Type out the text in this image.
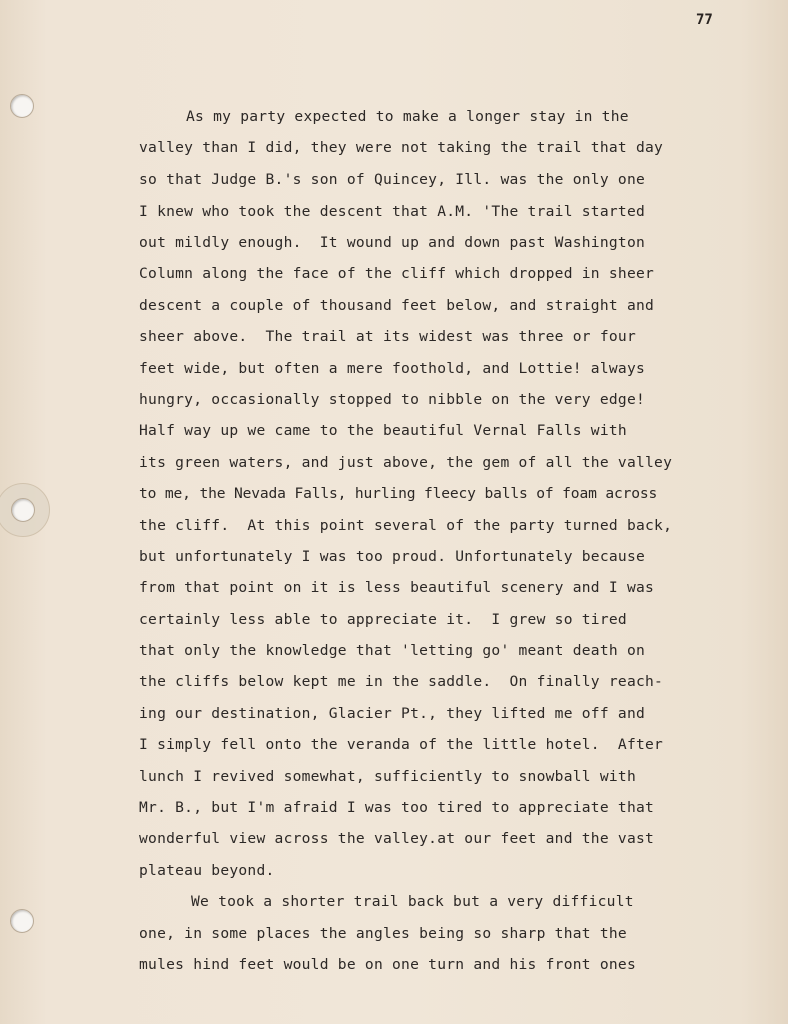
77
As my party expected to make a longer stay in the
valley than I did, they were not taking the trail that day
so that Judge B.'s son of Quincey, Ill. was the only one
I knew who took the descent that A.M. 'The trail started
out mildly enough.  It wound up and down past Washington
Column along the face of the cliff which dropped in sheer
descent a couple of thousand feet below, and straight and
sheer above.  The trail at its widest was three or four
feet wide, but often a mere foothold, and Lottie! always
hungry, occasionally stopped to nibble on the very edge!
Half way up we came to the beautiful Vernal Falls with
its green waters, and just above, the gem of all the valley
to me, the Nevada Falls, hurling fleecy balls of foam across
the cliff.  At this point several of the party turned back,
but unfortunately I was too proud. Unfortunately because
from that point on it is less beautiful scenery and I was
certainly less able to appreciate it.  I grew so tired
that only the knowledge that 'letting go' meant death on
the cliffs below kept me in the saddle.  On finally reach-
ing our destination, Glacier Pt., they lifted me off and
I simply fell onto the veranda of the little hotel.  After
lunch I revived somewhat, sufficiently to snowball with
Mr. B., but I'm afraid I was too tired to appreciate that
wonderful view across the valley.at our feet and the vast
plateau beyond.
We took a shorter trail back but a very difficult
one, in some places the angles being so sharp that the
mules hind feet would be on one turn and his front ones
